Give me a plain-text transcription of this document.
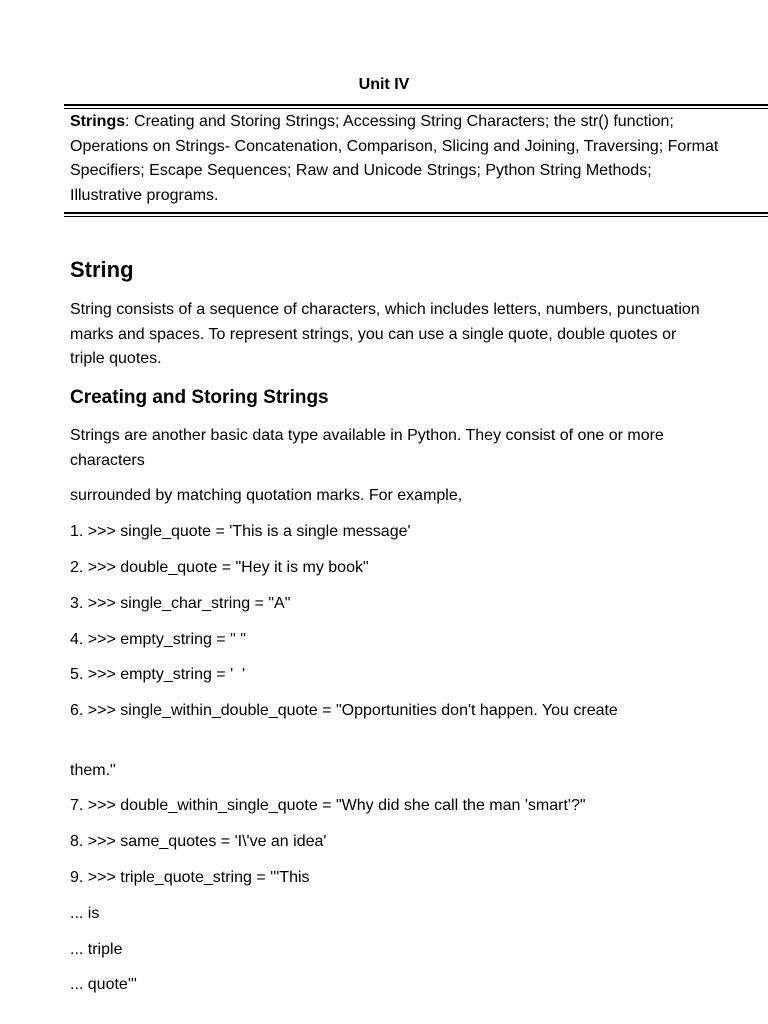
Unit IV
Strings: Creating and Storing Strings; Accessing String Characters; the str() function; Operations on Strings- Concatenation, Comparison, Slicing and Joining, Traversing; Format Specifiers; Escape Sequences; Raw and Unicode Strings; Python String Methods; Illustrative programs.
String

String consists of a sequence of characters, which includes letters, numbers, punctuation marks and spaces. To represent strings, you can use a single quote, double quotes or triple quotes.

Creating and Storing Strings

Strings are another basic data type available in Python. They consist of one or more characters

surrounded by matching quotation marks. For example,

1. >>> single_quote = 'This is a single message'

2. >>> double_quote = "Hey it is my book"

3. >>> single_char_string = "A"

4. >>> empty_string = " "

5. >>> empty_string = '  '

6. >>> single_within_double_quote = "Opportunities don't happen. You create

them."

7. >>> double_within_single_quote = "Why did she call the man 'smart'?"

8. >>> same_quotes = 'I\'ve an idea'

9. >>> triple_quote_string = '''This

... is

... triple

... quote'''
